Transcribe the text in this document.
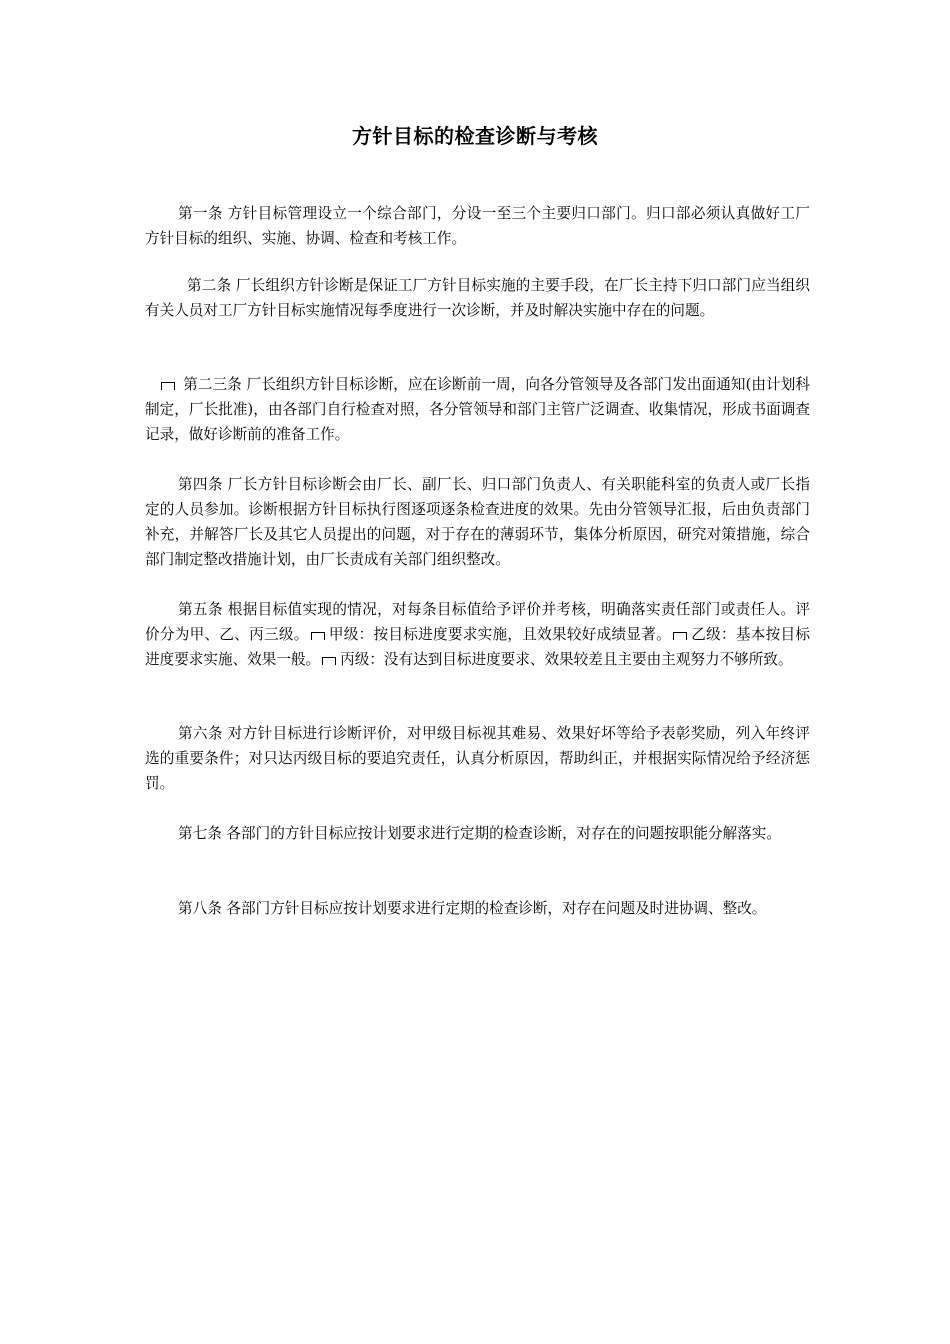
方针目标的检查诊断与考核

第一条 方针目标管理设立一个综合部门，分设一至三个主要归口部门。归口部必须认真做好工厂方针目标的组织、实施、协调、检查和考核工作。

第二条 厂长组织方针诊断是保证工厂方针目标实施的主要手段，在厂长主持下归口部门应当组织有关人员对工厂方针目标实施情况每季度进行一次诊断，并及时解决实施中存在的问题。

第二三条 厂长组织方针目标诊断，应在诊断前一周，向各分管领导及各部门发出面通知(由计划科制定，厂长批准)，由各部门自行检查对照，各分管领导和部门主管广泛调查、收集情况，形成书面调查记录，做好诊断前的准备工作。

第四条 厂长方针目标诊断会由厂长、副厂长、归口部门负责人、有关职能科室的负责人或厂长指定的人员参加。诊断根据方针目标执行图逐项逐条检查进度的效果。先由分管领导汇报，后由负责部门补充，并解答厂长及其它人员提出的问题，对于存在的薄弱环节，集体分析原因，研究对策措施，综合部门制定整改措施计划，由厂长责成有关部门组织整改。

第五条 根据目标值实现的情况，对每条目标值给予评价并考核，明确落实责任部门或责任人。评价分为甲、乙、丙三级。 甲级：按目标进度要求实施，且效果较好成绩显著。 乙级：基本按目标进度要求实施、效果一般。 丙级：没有达到目标进度要求、效果较差且主要由主观努力不够所致。

第六条 对方针目标进行诊断评价，对甲级目标视其难易、效果好坏等给予表彰奖励，列入年终评选的重要条件；对只达丙级目标的要追究责任，认真分析原因，帮助纠正，并根据实际情况给予经济惩罚。

第七条 各部门的方针目标应按计划要求进行定期的检查诊断，对存在的问题按职能分解落实。

第八条 各部门方针目标应按计划要求进行定期的检查诊断，对存在问题及时进协调、整改。
